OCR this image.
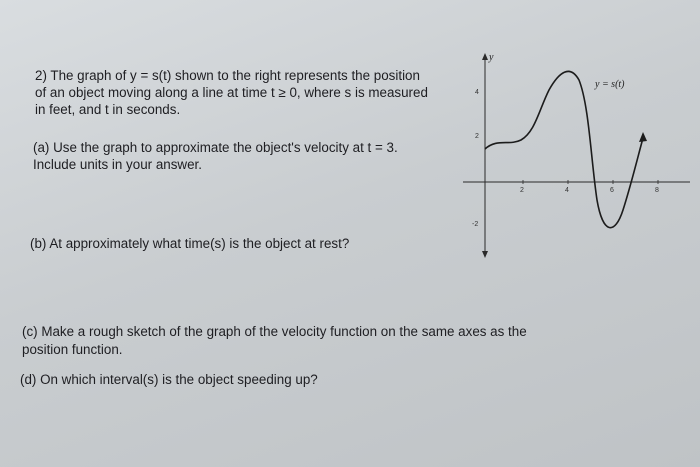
2) The graph of y = s(t) shown to the right represents the position

of an object moving along a line at time t ≥ 0, where s is measured

in feet, and t in seconds.

(a) Use the graph to approximate the object's velocity at t = 3.

Include units in your answer.

(b) At approximately what time(s) is the object at rest?

(c) Make a rough sketch of the graph of the velocity function on the same axes as the

position function.

(d) On which interval(s) is the object speeding up?

y
2	4	6	8
4
2
-2
y = s(t)
